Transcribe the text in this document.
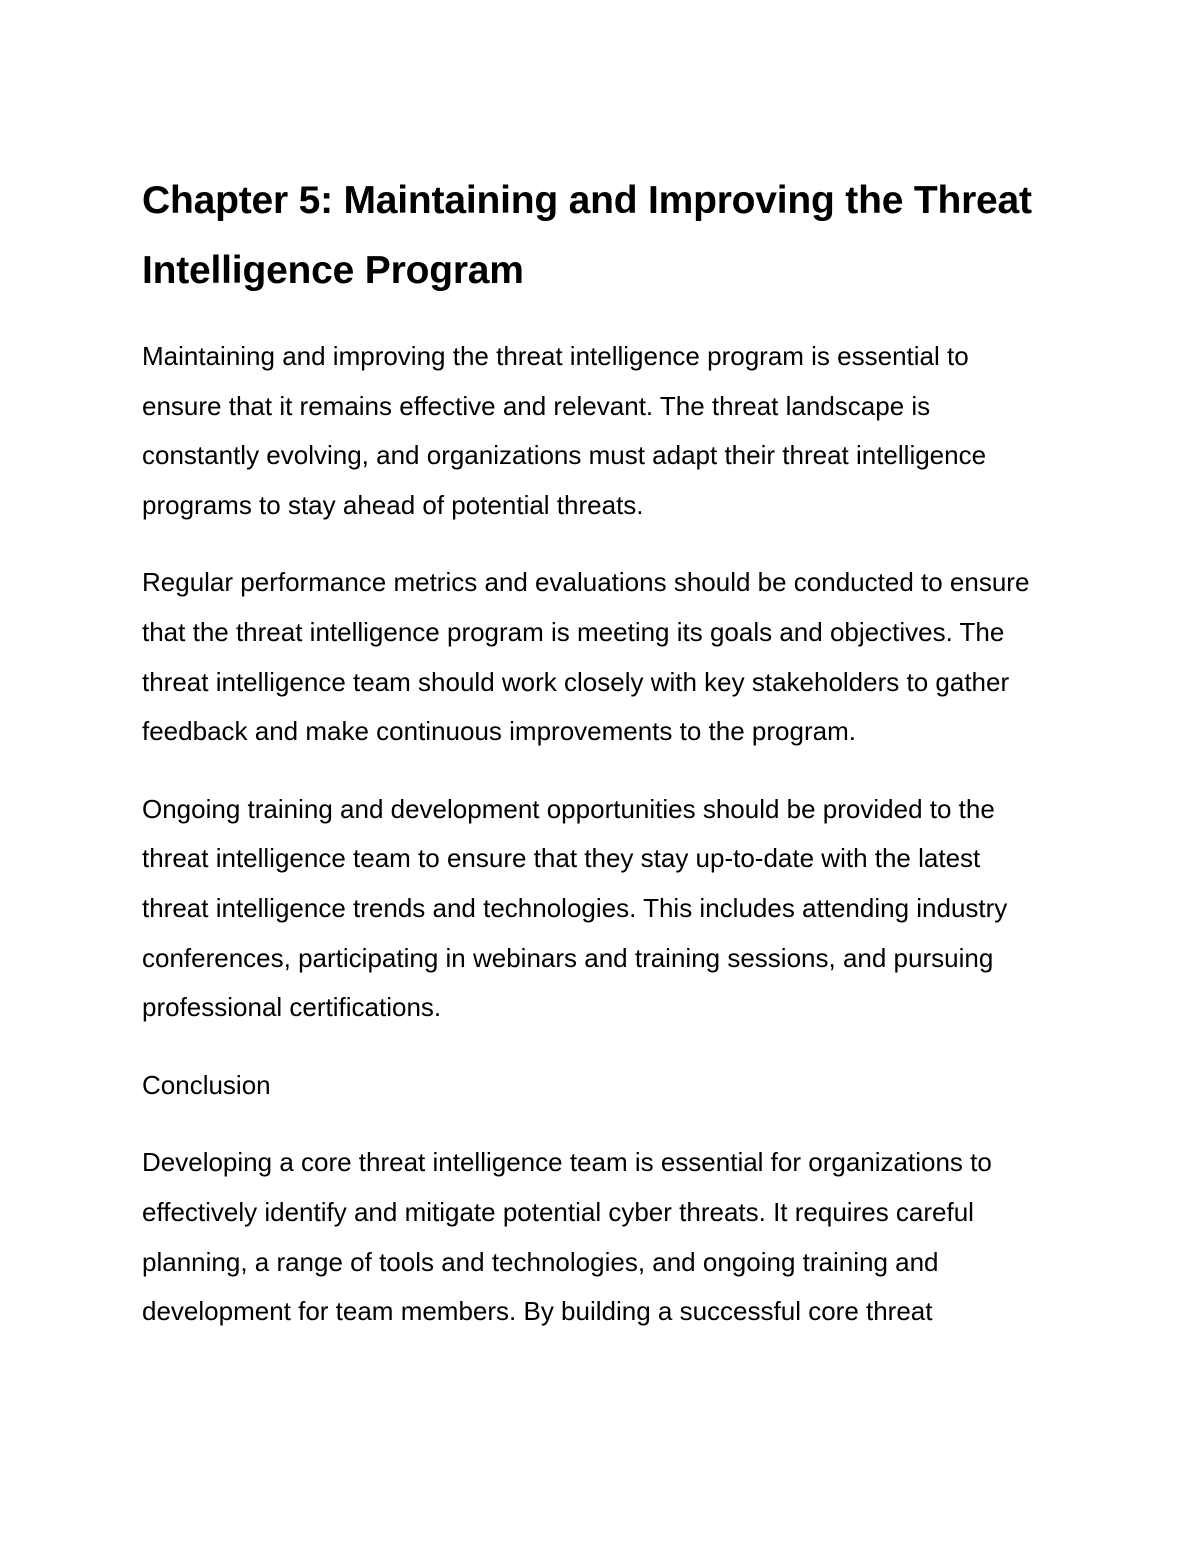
Chapter 5: Maintaining and Improving the Threat Intelligence Program

Maintaining and improving the threat intelligence program is essential to ensure that it remains effective and relevant. The threat landscape is constantly evolving, and organizations must adapt their threat intelligence programs to stay ahead of potential threats.

Regular performance metrics and evaluations should be conducted to ensure that the threat intelligence program is meeting its goals and objectives. The threat intelligence team should work closely with key stakeholders to gather feedback and make continuous improvements to the program.

Ongoing training and development opportunities should be provided to the threat intelligence team to ensure that they stay up-to-date with the latest threat intelligence trends and technologies. This includes attending industry conferences, participating in webinars and training sessions, and pursuing professional certifications.

Conclusion

Developing a core threat intelligence team is essential for organizations to effectively identify and mitigate potential cyber threats. It requires careful planning, a range of tools and technologies, and ongoing training and development for team members. By building a successful core threat
